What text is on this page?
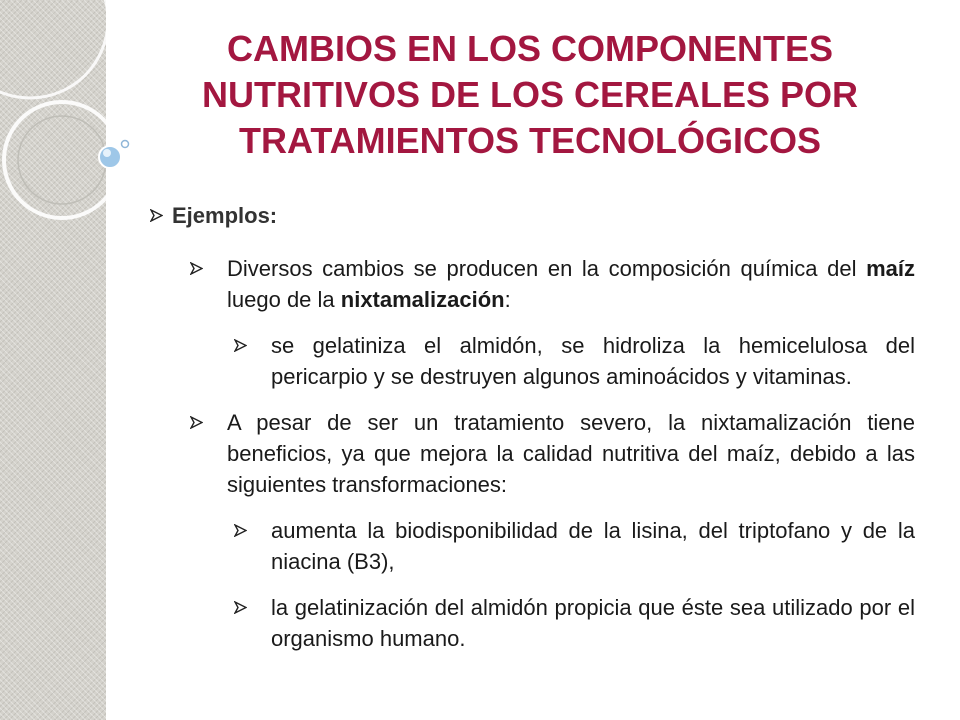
CAMBIOS EN LOS COMPONENTES
NUTRITIVOS DE LOS CEREALES POR
TRATAMIENTOS TECNOLÓGICOS
Ejemplos:
Diversos cambios se producen en la composición química del maíz luego de la nixtamalización:
se gelatiniza el almidón, se hidroliza la hemicelulosa del pericarpio y se destruyen algunos aminoácidos y vitaminas.
A pesar de ser un tratamiento severo, la nixtamalización tiene beneficios, ya que mejora la calidad nutritiva del maíz, debido a las siguientes transformaciones:
aumenta la biodisponibilidad de la lisina, del triptofano y de la niacina (B3),
la gelatinización del almidón propicia que éste sea utilizado por el organismo humano.
